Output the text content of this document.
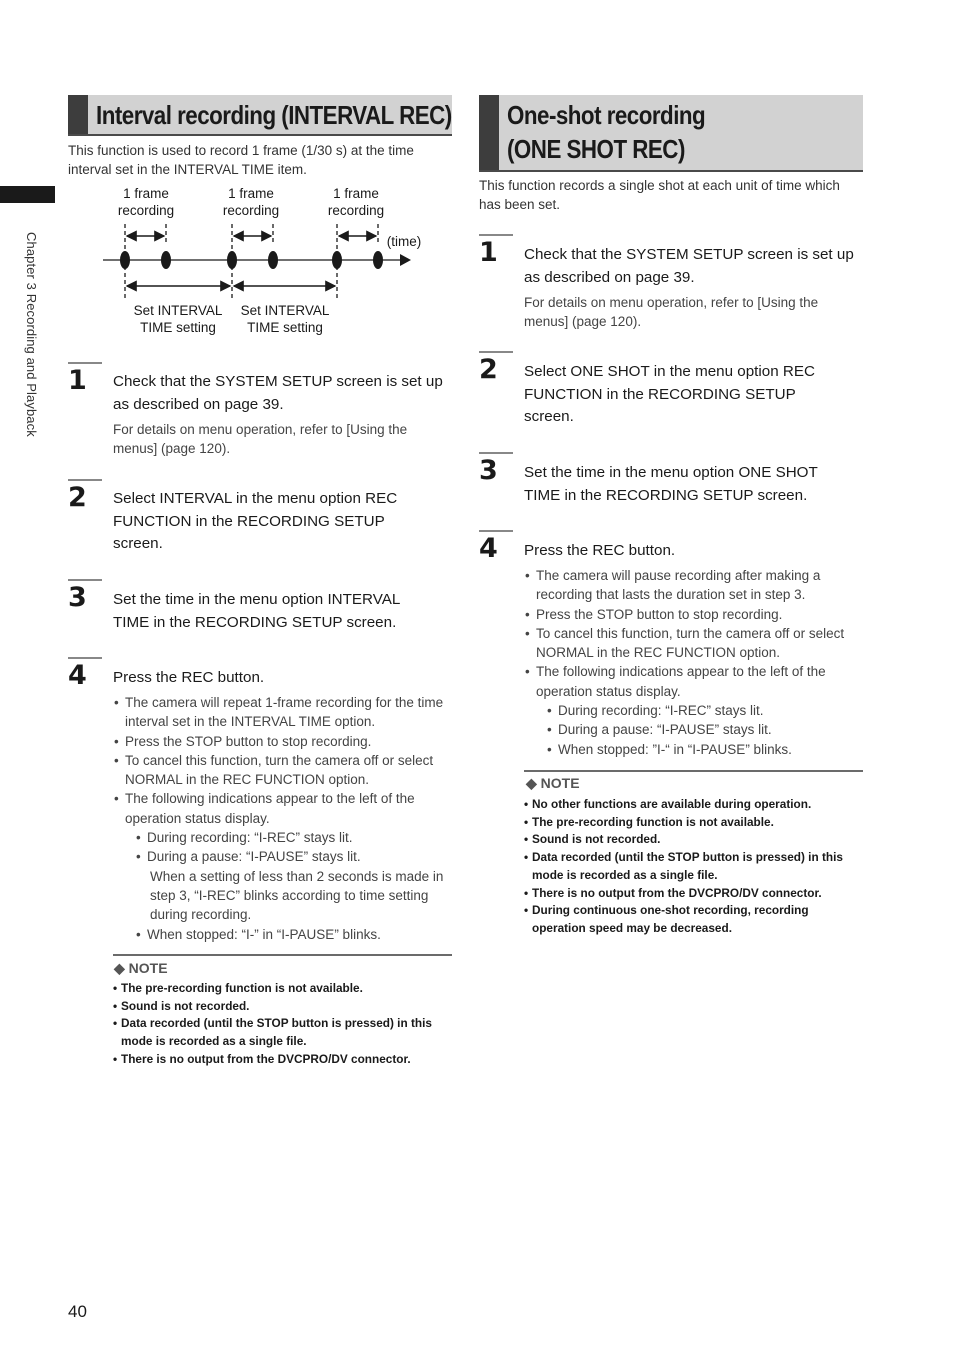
Chapter 3 Recording and Playback
Interval recording (INTERVAL REC)
This function is used to record 1 frame (1/30 s) at the time interval set in the INTERVAL TIME item.
1 frame
recording
1 frame
recording
1 frame
recording
(time)
Set INTERVAL
TIME setting
Set INTERVAL
TIME setting
1 Check that the SYSTEM SETUP screen is set up as described on page 39.
For details on menu operation, refer to [Using the menus] (page 120).
2 Select INTERVAL in the menu option REC FUNCTION in the RECORDING SETUP screen.
3 Set the time in the menu option INTERVAL TIME in the RECORDING SETUP screen.
4 Press the REC button.
• The camera will repeat 1-frame recording for the time interval set in the INTERVAL TIME option.
• Press the STOP button to stop recording.
• To cancel this function, turn the camera off or select NORMAL in the REC FUNCTION option.
• The following indications appear to the left of the operation status display.
• During recording: “I-REC” stays lit.
• During a pause: “I-PAUSE” stays lit.
When a setting of less than 2 seconds is made in step 3, “I-REC” blinks according to time setting during recording.
• When stopped: “I-” in “I-PAUSE” blinks.
◆ NOTE
• The pre-recording function is not available.
• Sound is not recorded.
• Data recorded (until the STOP button is pressed) in this mode is recorded as a single file.
• There is no output from the DVCPRO/DV connector.
One-shot recording
(ONE SHOT REC)
This function records a single shot at each unit of time which has been set.
1 Check that the SYSTEM SETUP screen is set up as described on page 39.
For details on menu operation, refer to [Using the menus] (page 120).
2 Select ONE SHOT in the menu option REC FUNCTION in the RECORDING SETUP screen.
3 Set the time in the menu option ONE SHOT TIME in the RECORDING SETUP screen.
4 Press the REC button.
• The camera will pause recording after making a recording that lasts the duration set in step 3.
• Press the STOP button to stop recording.
• To cancel this function, turn the camera off or select NORMAL in the REC FUNCTION option.
• The following indications appear to the left of the operation status display.
• During recording: “I-REC” stays lit.
• During a pause: “I-PAUSE” stays lit.
• When stopped: ”I-“ in “I-PAUSE” blinks.
◆ NOTE
• No other functions are available during operation.
• The pre-recording function is not available.
• Sound is not recorded.
• Data recorded (until the STOP button is pressed) in this mode is recorded as a single file.
• There is no output from the DVCPRO/DV connector.
• During continuous one-shot recording, recording operation speed may be decreased.
40
